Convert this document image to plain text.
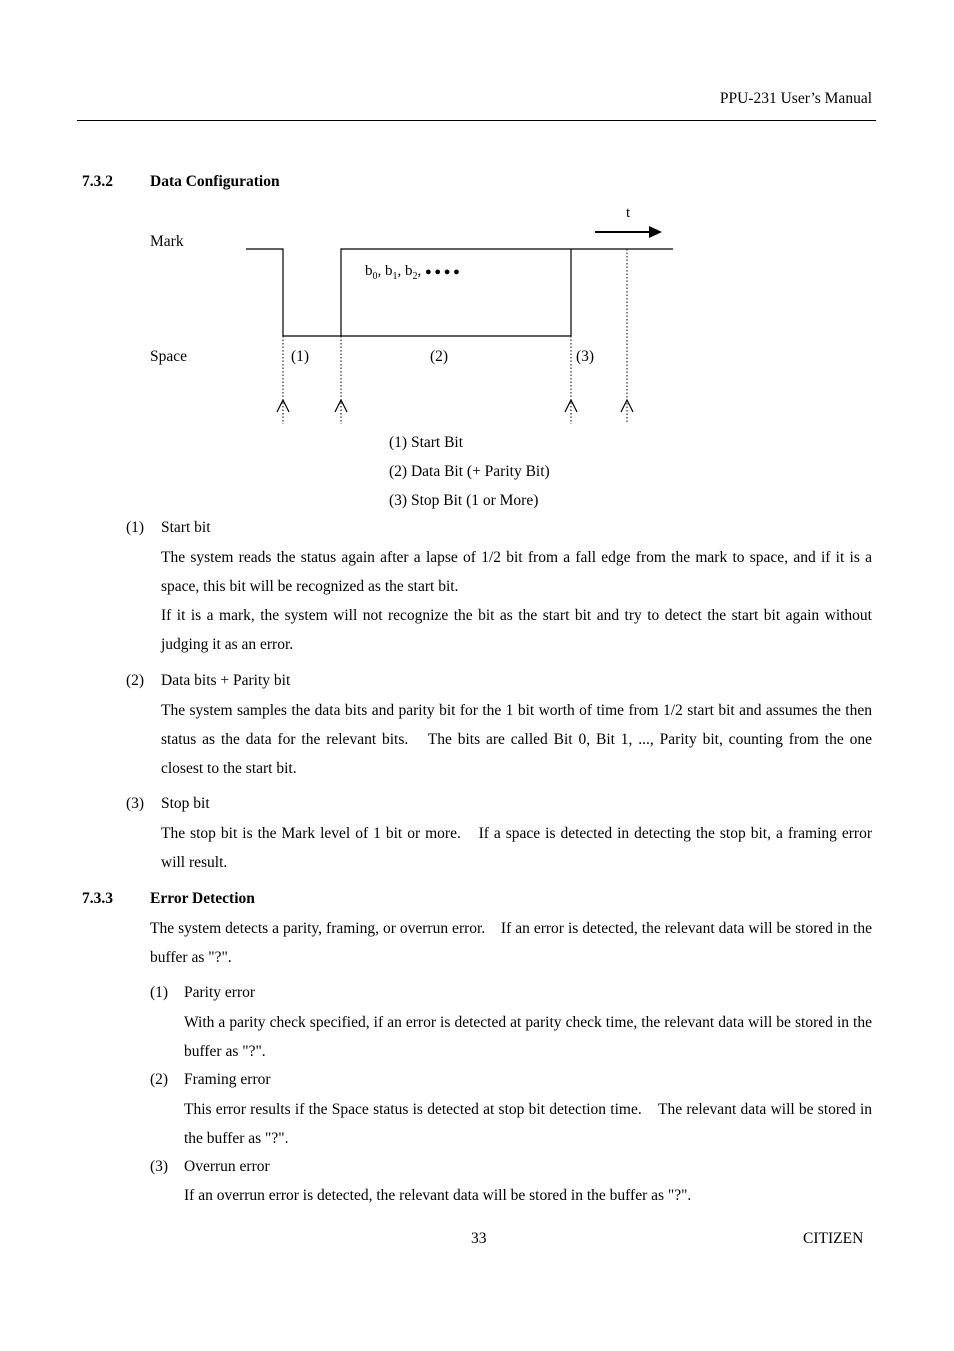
PPU-231 User’s Manual
7.3.2 Data Configuration
t
Mark
Space
$b_0$, $b_1$, $b_2$, ● ● ● ●
(1)	(2)	(3)
(1) Start Bit
(2) Data Bit (+ Parity Bit)
(3) Stop Bit (1 or More)
(1) Start bit
The system reads the status again after a lapse of 1/2 bit from a fall edge from the mark to space, and if it is a space, this bit will be recognized as the start bit.
If it is a mark, the system will not recognize the bit as the start bit and try to detect the start bit again without judging it as an error.
(2) Data bits + Parity bit
The system samples the data bits and parity bit for the 1 bit worth of time from 1/2 start bit and assumes the then status as the data for the relevant bits.　The bits are called Bit 0, Bit 1, ..., Parity bit, counting from the one closest to the start bit.
(3) Stop bit
The stop bit is the Mark level of 1 bit or more.　If a space is detected in detecting the stop bit, a framing error will result.
7.3.3 Error Detection
The system detects a parity, framing, or overrun error.　If an error is detected, the relevant data will be stored in the buffer as "?".
(1) Parity error
With a parity check specified, if an error is detected at parity check time, the relevant data will be stored in the buffer as "?".
(2) Framing error
This error results if the Space status is detected at stop bit detection time.　The relevant data will be stored in the buffer as "?".
(3) Overrun error
If an overrun error is detected, the relevant data will be stored in the buffer as "?".
33	CITIZEN
